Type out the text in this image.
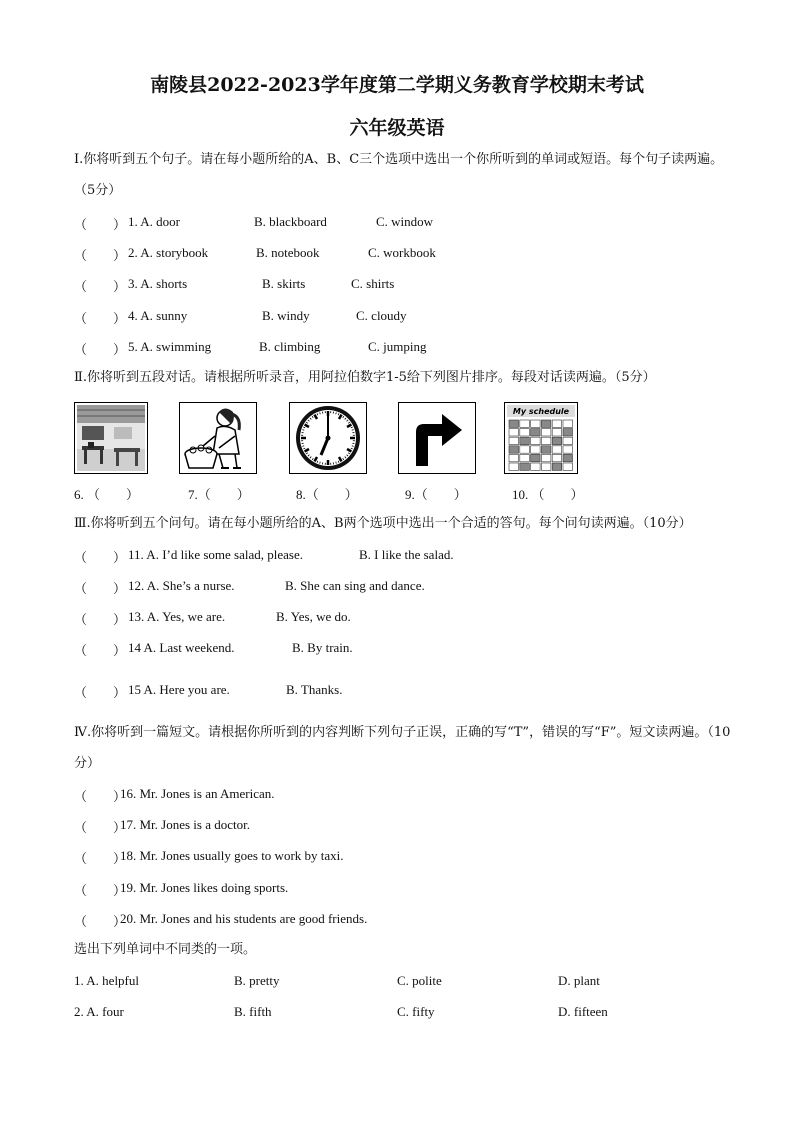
南陵县2022-2023学年度第二学期义务教育学校期末考试
六年级英语
Ⅰ.你将听到五个句子。请在每小题所给的A、B、C三个选项中选出一个你所听到的单词或短语。每个句子读两遍。（5分）
（　　） 1. A. door	B. blackboard	C. window
（　　） 2. A. storybook	B. notebook	C. workbook
（　　） 3. A. shorts	B. skirts	C. shirts
（　　） 4. A. sunny	B. windy	C. cloudy
（　　） 5. A. swimming	B. climbing	C. jumping
Ⅱ.你将听到五段对话。请根据所听录音，用阿拉伯数字1-5给下列图片排序。每段对话读两遍。（5分）
My schedule
6. （　　）	7.（　　）	8.（　　）	9.（　　）	10. （　　）
Ⅲ.你将听到五个问句。请在每小题所给的A、B两个选项中选出一个合适的答句。每个问句读两遍。（10分）
（　　） 11. A. I’d like some salad, please.	B. I like the salad.
（　　） 12. A. She’s a nurse.	B. She can sing and dance.
（　　） 13. A. Yes, we are.	B. Yes, we do.
（　　） 14 A. Last weekend.	B. By train.
（　　） 15 A. Here you are.	B. Thanks.
Ⅳ.你将听到一篇短文。请根据你所听到的内容判断下列句子正误，正确的写“T”，错误的写“F”。短文读两遍。（10分）
（　　）
16. Mr. Jones is an American.
（　　）
17. Mr. Jones is a doctor.
（　　）
18. Mr. Jones usually goes to work by taxi.
（　　）
19. Mr. Jones likes doing sports.
（　　）
20. Mr. Jones and his students are good friends.
选出下列单词中不同类的一项。
1. A. helpful	B. pretty	C. polite	D. plant
2. A. four	B. fifth	C. fifty	D. fifteen
